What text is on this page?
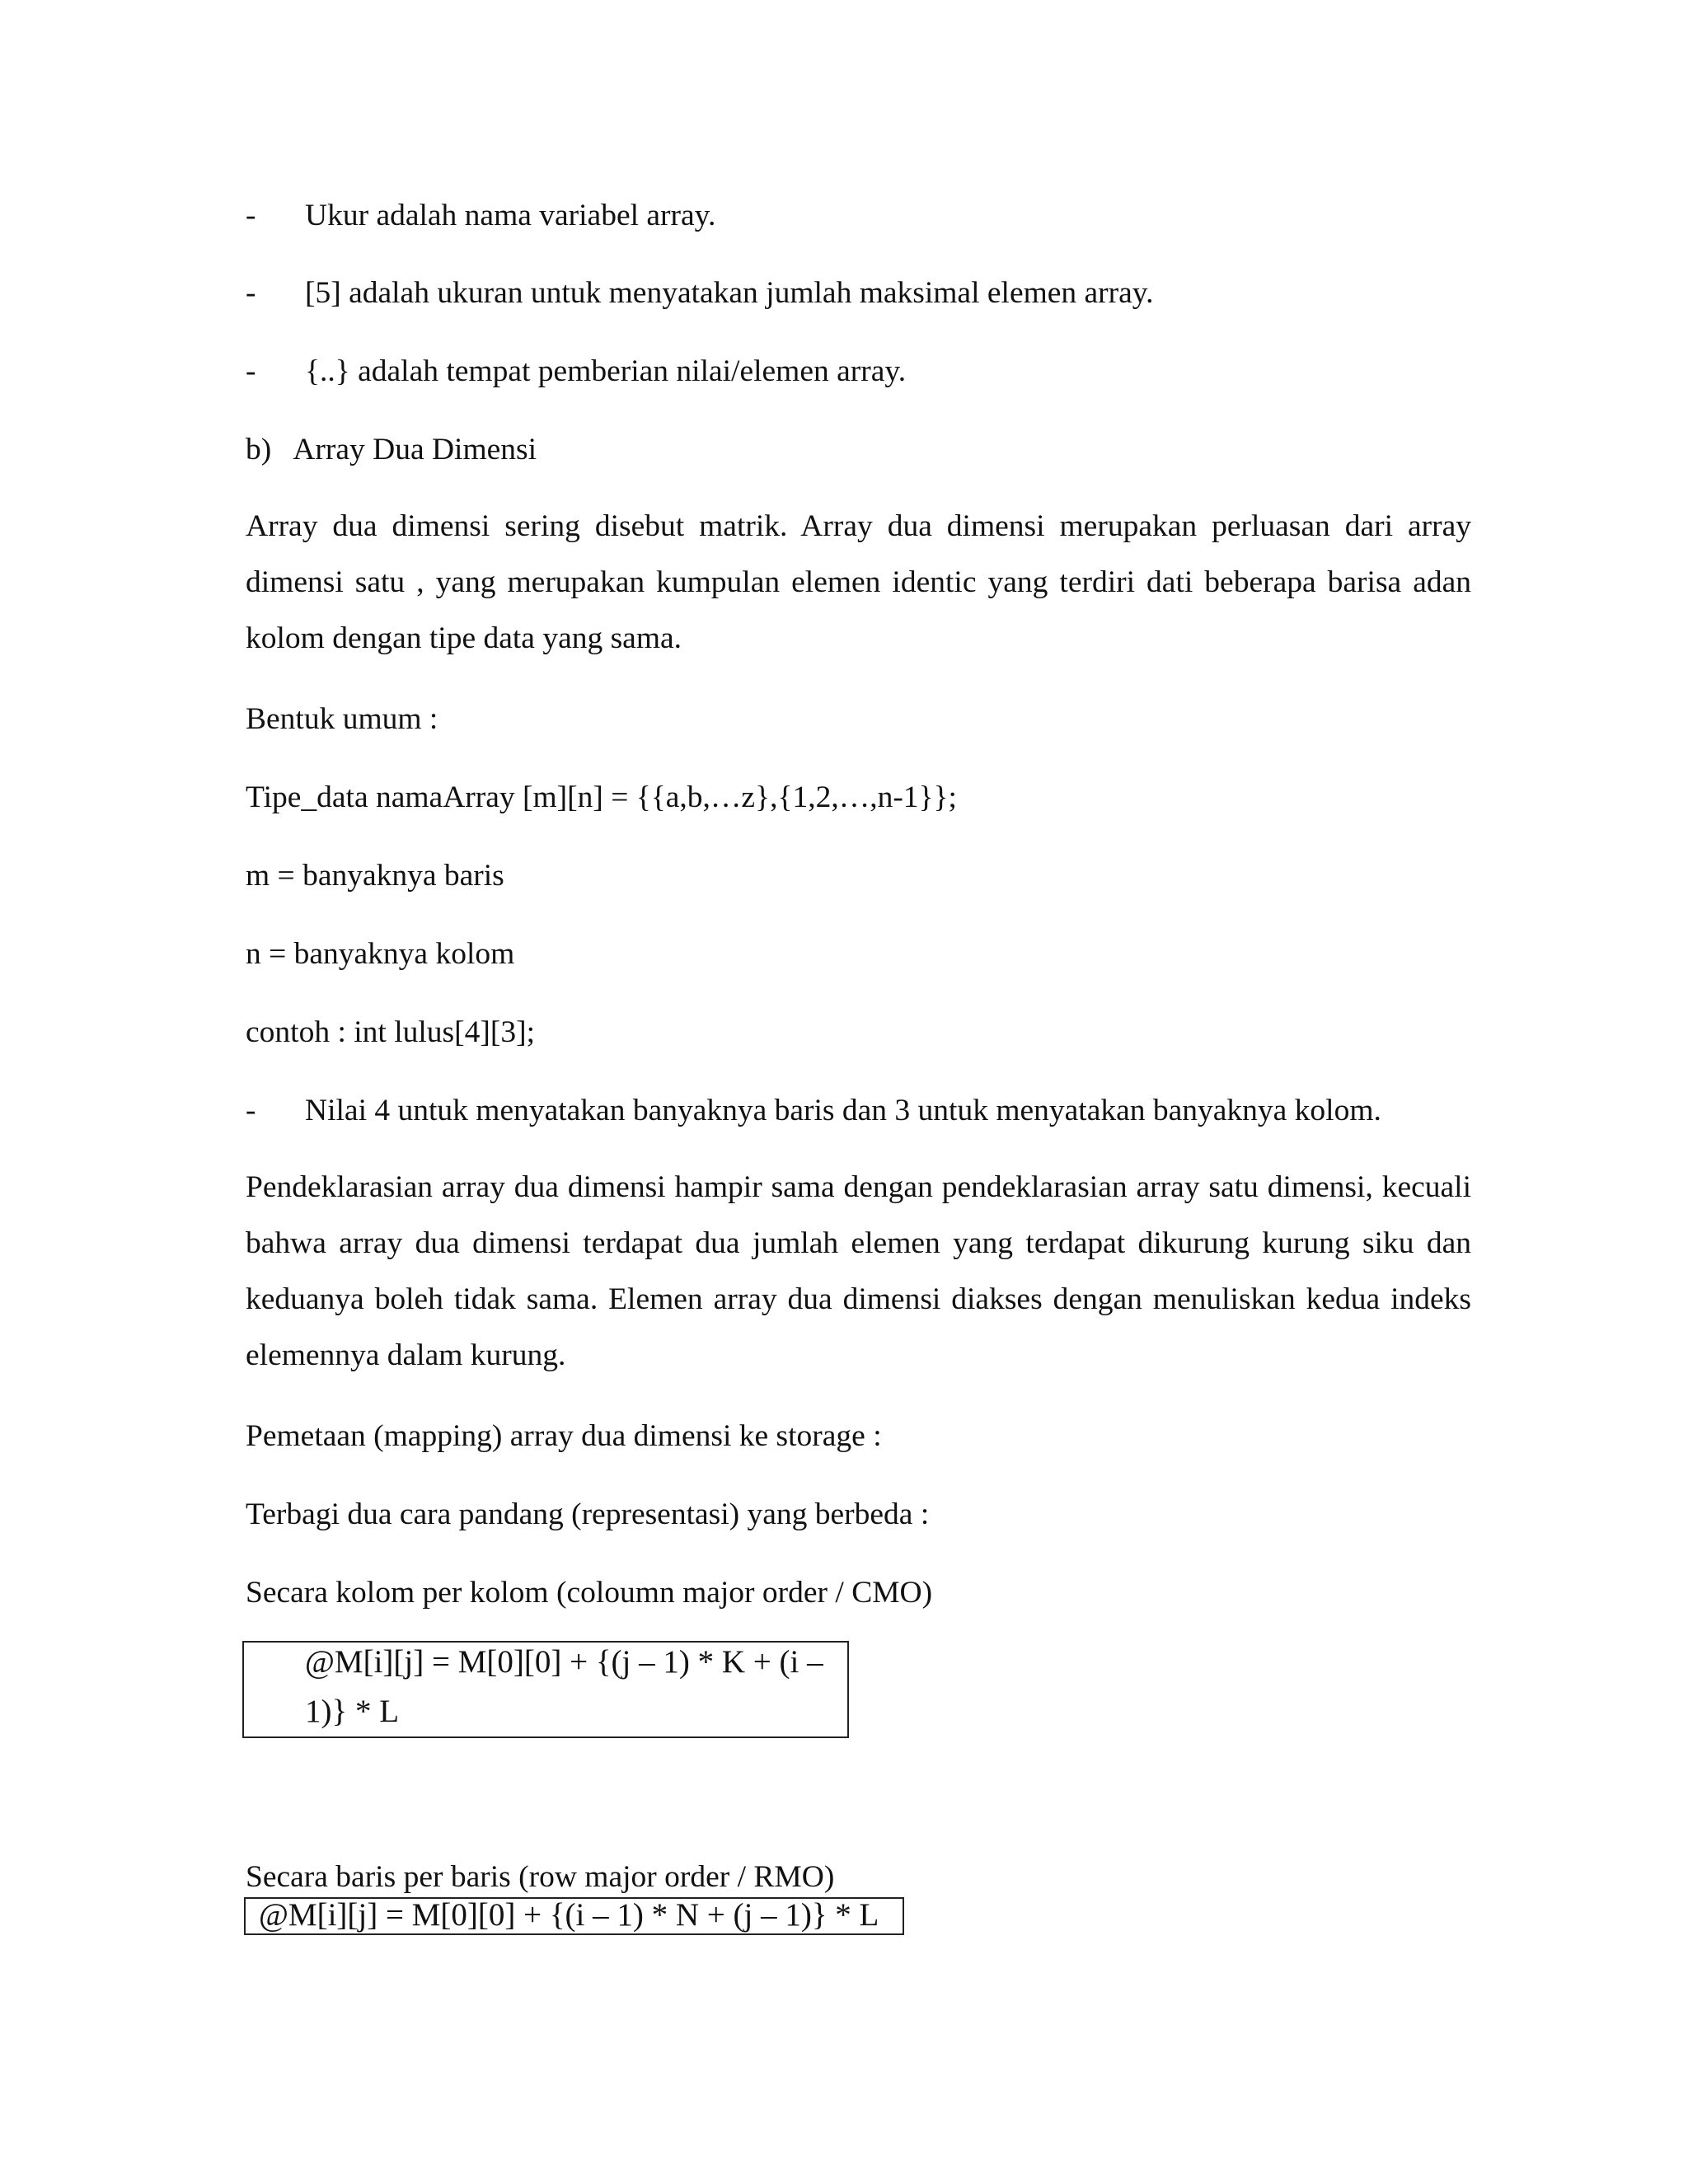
- Ukur adalah nama variabel array.
- [5] adalah ukuran untuk menyatakan jumlah maksimal elemen array.
- {..} adalah tempat pemberian nilai/elemen array.
b)   Array Dua Dimensi
Array dua dimensi sering disebut matrik. Array dua dimensi merupakan perluasan dari array dimensi satu , yang merupakan kumpulan elemen identic yang terdiri dati beberapa barisa adan kolom dengan tipe data yang sama.
Bentuk umum :
Tipe_data namaArray [m][n] = {{a,b,…z},{1,2,…,n-1}};
m = banyaknya baris
n = banyaknya kolom
contoh : int lulus[4][3];
- Nilai 4 untuk menyatakan banyaknya baris dan 3 untuk menyatakan banyaknya kolom.
Pendeklarasian array dua dimensi hampir sama dengan pendeklarasian array satu dimensi, kecuali bahwa array dua dimensi terdapat dua jumlah elemen yang terdapat dikurung kurung siku dan keduanya boleh tidak sama. Elemen array dua dimensi diakses dengan menuliskan kedua indeks elemennya dalam kurung.
Pemetaan (mapping) array dua dimensi ke storage :
Terbagi dua cara pandang (representasi) yang berbeda :
Secara kolom per kolom (coloumn major order / CMO)
@M[i][j] = M[0][0] + {(j – 1) * K + (i –
1)} * L
Secara baris per baris (row major order / RMO)
@M[i][j] = M[0][0] + {(i – 1) * N + (j – 1)} * L
